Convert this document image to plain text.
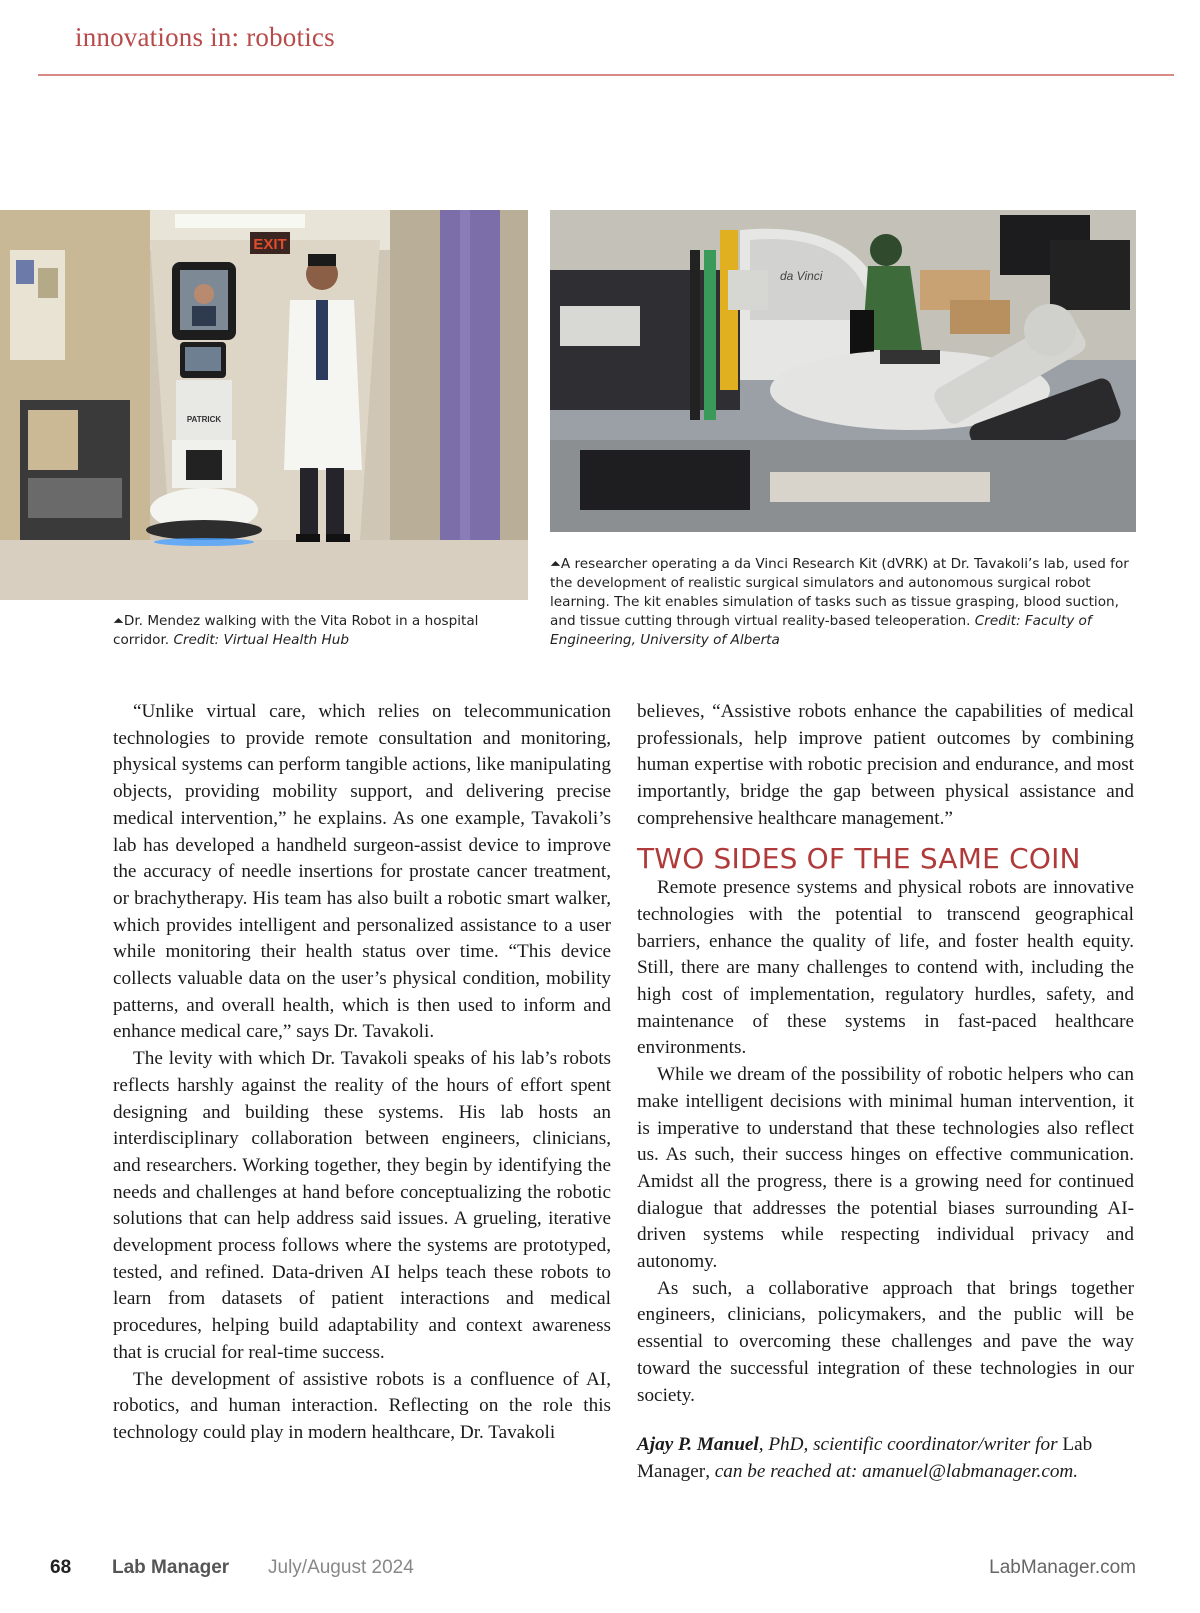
innovations in: robotics
EXIT
PATRICK
da Vinci
⏶Dr. Mendez walking with the Vita Robot in a hospital corridor. Credit: Virtual Health Hub
⏶A researcher operating a da Vinci Research Kit (dVRK) at Dr. Tavakoli’s lab, used for the development of realistic surgical simulators and autonomous surgical robot learning. The kit enables simulation of tasks such as tissue grasping, blood suction, and tissue cutting through virtual reality-based teleoperation. Credit: Faculty of Engineering, University of Alberta

“Unlike virtual care, which relies on telecommunication technologies to provide remote consultation and monitoring, physical systems can perform tangible actions, like manipulating objects, providing mobility support, and delivering precise medical intervention,” he explains. As one example, Tavakoli’s lab has developed a handheld surgeon-assist device to improve the accuracy of needle insertions for prostate cancer treatment, or brachytherapy. His team has also built a robotic smart walker, which provides intelligent and personalized assistance to a user while monitoring their health status over time. “This device collects valuable data on the user’s physical condition, mobility patterns, and overall health, which is then used to inform and enhance medical care,” says Dr. Tavakoli.

The levity with which Dr. Tavakoli speaks of his lab’s robots reflects harshly against the reality of the hours of effort spent designing and building these systems. His lab hosts an interdisciplinary collaboration between engineers, clinicians, and researchers. Working together, they begin by identifying the needs and challenges at hand before conceptualizing the robotic solutions that can help address said issues. A grueling, iterative development process follows where the systems are prototyped, tested, and refined. Data-driven AI helps teach these robots to learn from datasets of patient interactions and medical procedures, helping build adaptability and context awareness that is crucial for real-time success.

The development of assistive robots is a confluence of AI, robotics, and human interaction. Reflecting on the role this technology could play in modern healthcare, Dr. Tavakoli

believes, “Assistive robots enhance the capabilities of medical professionals, help improve patient outcomes by combining human expertise with robotic precision and endurance, and most importantly, bridge the gap between physical assistance and comprehensive healthcare management.”

TWO SIDES OF THE SAME COIN

Remote presence systems and physical robots are innovative technologies with the potential to transcend geographical barriers, enhance the quality of life, and foster health equity. Still, there are many challenges to contend with, including the high cost of implementation, regulatory hurdles, safety, and maintenance of these systems in fast-paced healthcare environments.

While we dream of the possibility of robotic helpers who can make intelligent decisions with minimal human intervention, it is imperative to understand that these technologies also reflect us. As such, their success hinges on effective communication. Amidst all the progress, there is a growing need for continued dialogue that addresses the potential biases surrounding AI-driven systems while respecting individual privacy and autonomy.

As such, a collaborative approach that brings together engineers, clinicians, policymakers, and the public will be essential to overcoming these challenges and pave the way toward the successful integration of these technologies in our society.

Ajay P. Manuel, PhD, scientific coordinator/writer for Lab Manager, can be reached at: amanuel@labmanager.com.

68 Lab Manager July/August 2024	LabManager.com
